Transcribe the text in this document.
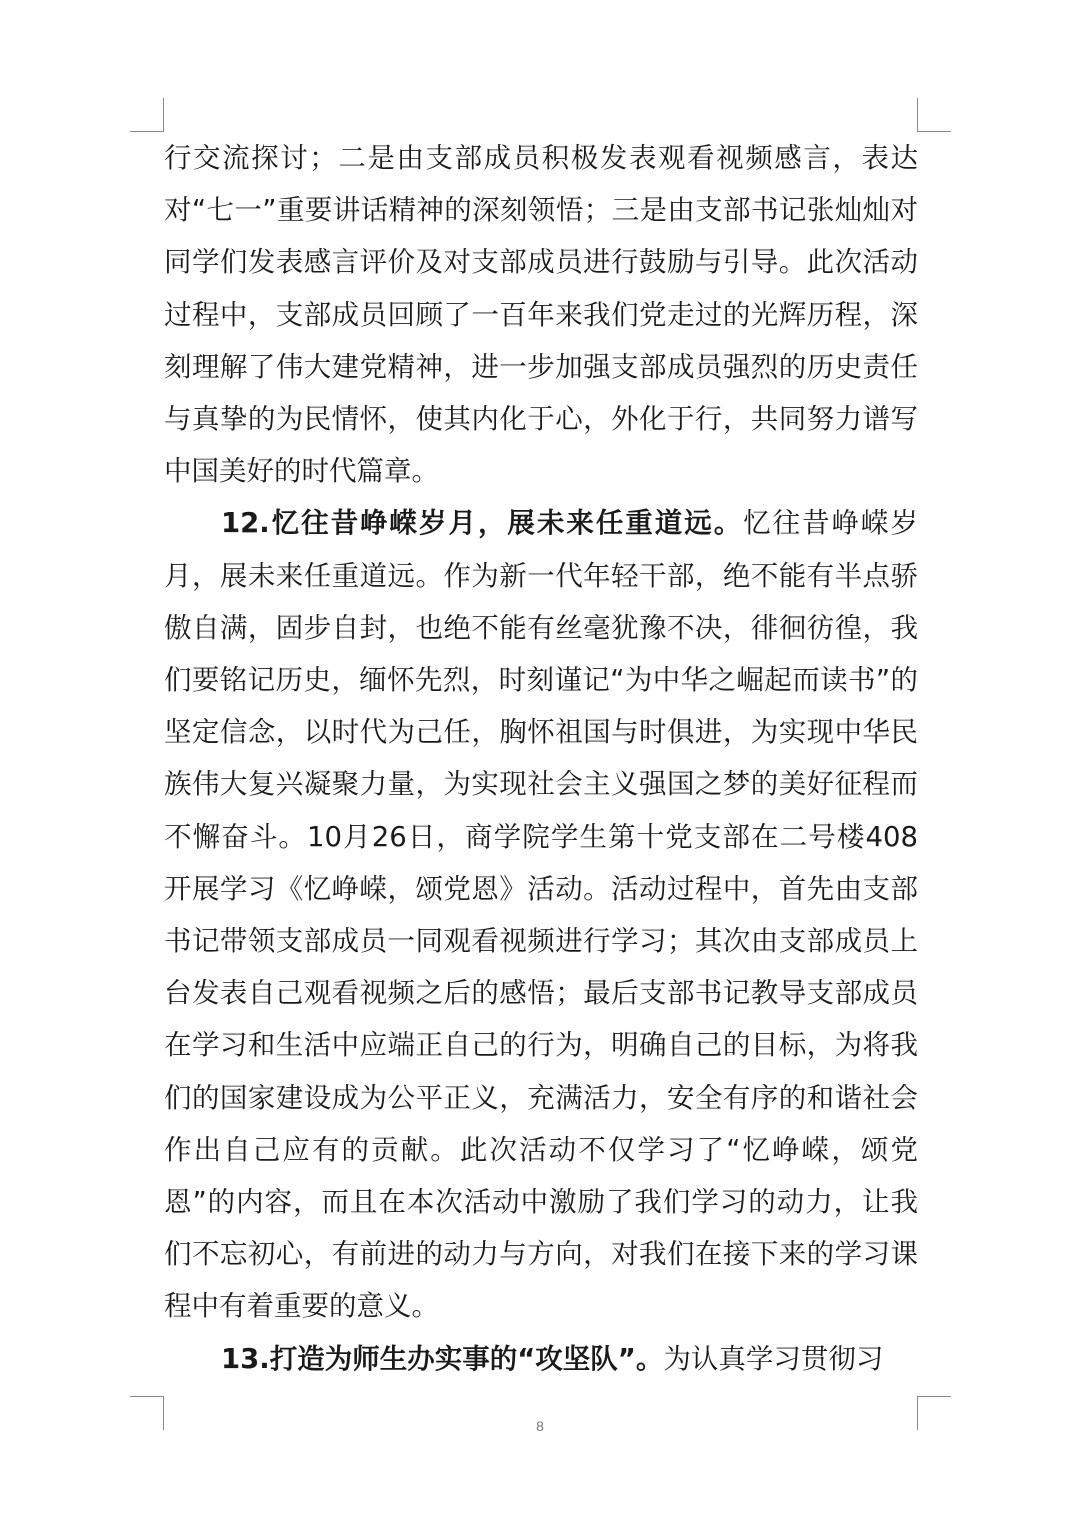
行交流探讨；二是由支部成员积极发表观看视频感言，表达对“七一”重要讲话精神的深刻领悟；三是由支部书记张灿灿对同学们发表感言评价及对支部成员进行鼓励与引导。此次活动过程中，支部成员回顾了一百年来我们党走过的光辉历程，深刻理解了伟大建党精神，进一步加强支部成员强烈的历史责任与真挚的为民情怀，使其内化于心，外化于行，共同努力谱写中国美好的时代篇章。

12.忆往昔峥嵘岁月，展未来任重道远。忆往昔峥嵘岁月，展未来任重道远。作为新一代年轻干部，绝不能有半点骄傲自满，固步自封，也绝不能有丝毫犹豫不决，徘徊彷徨，我们要铭记历史，缅怀先烈，时刻谨记“为中华之崛起而读书”的坚定信念，以时代为己任，胸怀祖国与时俱进，为实现中华民族伟大复兴凝聚力量，为实现社会主义强国之梦的美好征程而不懈奋斗。10月26日，商学院学生第十党支部在二号楼408开展学习《忆峥嵘，颂党恩》活动。活动过程中，首先由支部书记带领支部成员一同观看视频进行学习；其次由支部成员上台发表自己观看视频之后的感悟；最后支部书记教导支部成员在学习和生活中应端正自己的行为，明确自己的目标，为将我们的国家建设成为公平正义，充满活力，安全有序的和谐社会作出自己应有的贡献。此次活动不仅学习了“忆峥嵘，颂党恩”的内容，而且在本次活动中激励了我们学习的动力，让我们不忘初心，有前进的动力与方向，对我们在接下来的学习课程中有着重要的意义。

13.打造为师生办实事的“攻坚队”。为认真学习贯彻习

8
